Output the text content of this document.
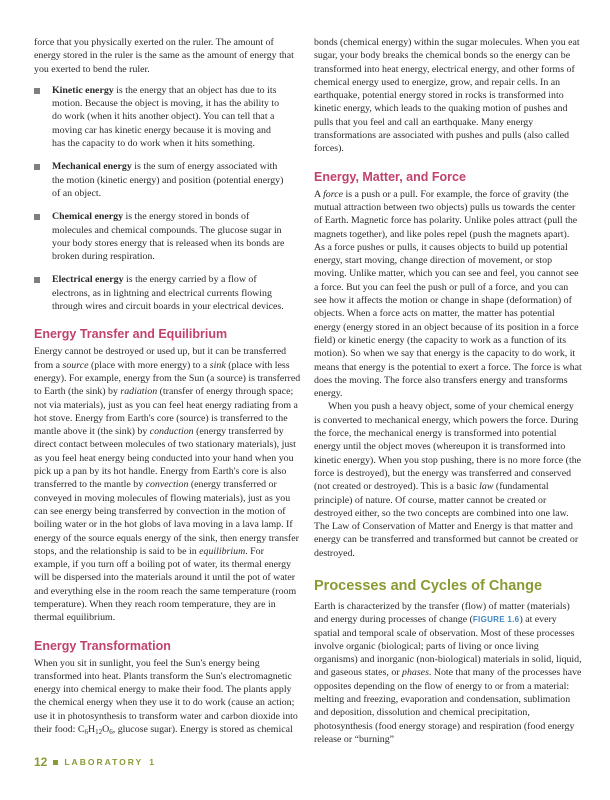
force that you physically exerted on the ruler. The amount of energy stored in the ruler is the same as the amount of energy that you exerted to bend the ruler.

Kinetic energy is the energy that an object has due to its motion. Because the object is moving, it has the ability to do work (when it hits another object). You can tell that a moving car has kinetic energy because it is moving and has the capacity to do work when it hits something.
Mechanical energy is the sum of energy associated with the motion (kinetic energy) and position (potential energy) of an object.
Chemical energy is the energy stored in bonds of molecules and chemical compounds. The glucose sugar in your body stores energy that is released when its bonds are broken during respiration.
Electrical energy is the energy carried by a flow of electrons, as in lightning and electrical currents flowing through wires and circuit boards in your electrical devices.
Energy Transfer and Equilibrium

Energy cannot be destroyed or used up, but it can be transferred from a source (place with more energy) to a sink (place with less energy). For example, energy from the Sun (a source) is transferred to Earth (the sink) by radiation (transfer of energy through space; not via materials), just as you can feel heat energy radiating from a hot stove. Energy from Earth's core (source) is transferred to the mantle above it (the sink) by conduction (energy transferred by direct contact between molecules of two stationary materials), just as you feel heat energy being conducted into your hand when you pick up a pan by its hot handle. Energy from Earth's core is also transferred to the mantle by convection (energy transferred or conveyed in moving molecules of flowing materials), just as you can see energy being transferred by convection in the motion of boiling water or in the hot globs of lava moving in a lava lamp. If energy of the source equals energy of the sink, then energy transfer stops, and the relationship is said to be in equilibrium. For example, if you turn off a boiling pot of water, its thermal energy will be dispersed into the materials around it until the pot of water and everything else in the room reach the same temperature (room temperature). When they reach room temperature, they are in thermal equilibrium.

Energy Transformation

When you sit in sunlight, you feel the Sun's energy being transformed into heat. Plants transform the Sun's electromagnetic energy into chemical energy to make their food. The plants apply the chemical energy when they use it to do work (cause an action; use it in photosynthesis to transform water and carbon dioxide into their food: $C_6H_{12}O_6$, glucose sugar). Energy is stored as chemical

bonds (chemical energy) within the sugar molecules. When you eat sugar, your body breaks the chemical bonds so the energy can be transformed into heat energy, electrical energy, and other forms of chemical energy used to energize, grow, and repair cells. In an earthquake, potential energy stored in rocks is transformed into kinetic energy, which leads to the quaking motion of pushes and pulls that you feel and call an earthquake. Many energy transformations are associated with pushes and pulls (also called forces).

Energy, Matter, and Force

A force is a push or a pull. For example, the force of gravity (the mutual attraction between two objects) pulls us towards the center of Earth. Magnetic force has polarity. Unlike poles attract (pull the magnets together), and like poles repel (push the magnets apart). As a force pushes or pulls, it causes objects to build up potential energy, start moving, change direction of movement, or stop moving. Unlike matter, which you can see and feel, you cannot see a force. But you can feel the push or pull of a force, and you can see how it affects the motion or change in shape (deformation) of objects. When a force acts on matter, the matter has potential energy (energy stored in an object because of its position in a force field) or kinetic energy (the capacity to work as a function of its motion). So when we say that energy is the capacity to do work, it means that energy is the potential to exert a force. The force is what does the moving. The force also transfers energy and transforms energy.

When you push a heavy object, some of your chemical energy is converted to mechanical energy, which powers the force. During the force, the mechanical energy is transformed into potential energy until the object moves (whereupon it is transformed into kinetic energy). When you stop pushing, there is no more force (the force is destroyed), but the energy was transferred and conserved (not created or destroyed). This is a basic law (fundamental principle) of nature. Of course, matter cannot be created or destroyed either, so the two concepts are combined into one law. The Law of Conservation of Matter and Energy is that matter and energy can be transferred and transformed but cannot be created or destroyed.

Processes and Cycles of Change

Earth is characterized by the transfer (flow) of matter (materials) and energy during processes of change (FIGURE 1.6) at every spatial and temporal scale of observation. Most of these processes involve organic (biological; parts of living or once living organisms) and inorganic (non-biological) materials in solid, liquid, and gaseous states, or phases. Note that many of the processes have opposites depending on the flow of energy to or from a material: melting and freezing, evaporation and condensation, sublimation and deposition, dissolution and chemical precipitation, photosynthesis (food energy storage) and respiration (food energy release or “burning”

12 LABORATORY 1
